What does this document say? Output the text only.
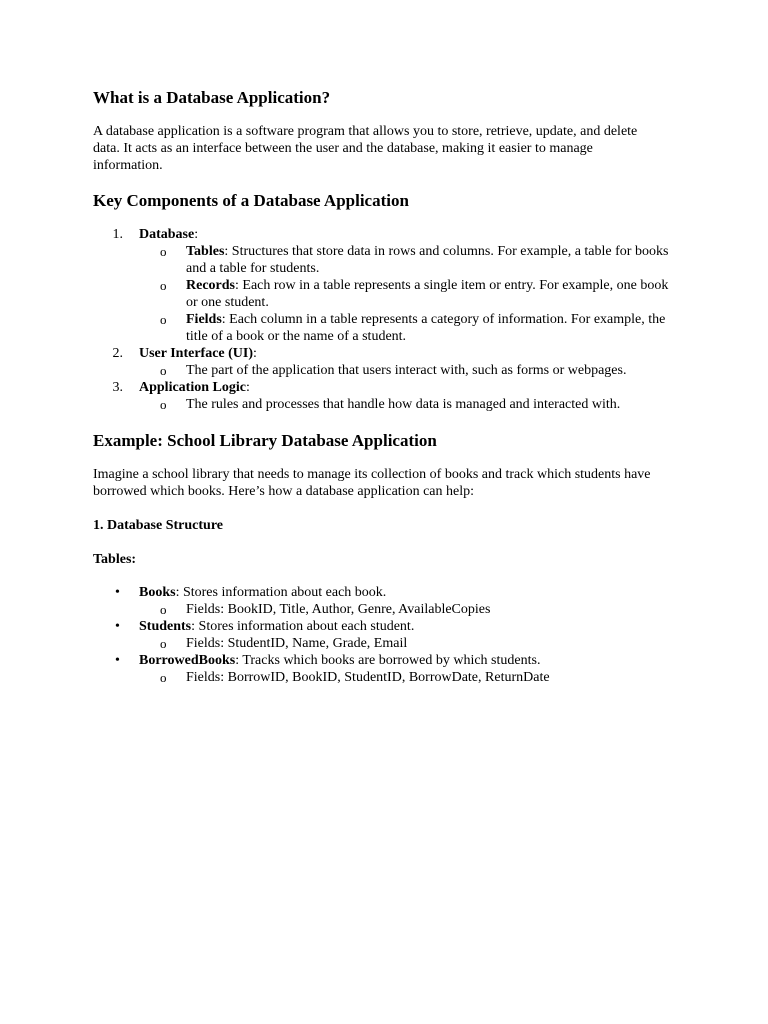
What is a Database Application?
A database application is a software program that allows you to store, retrieve, update, and delete data. It acts as an interface between the user and the database, making it easier to manage information.
Key Components of a Database Application
1. Database:
o Tables: Structures that store data in rows and columns. For example, a table for books and a table for students.
o Records: Each row in a table represents a single item or entry. For example, one book or one student.
o Fields: Each column in a table represents a category of information. For example, the title of a book or the name of a student.
2. User Interface (UI):
o The part of the application that users interact with, such as forms or webpages.
3. Application Logic:
o The rules and processes that handle how data is managed and interacted with.
Example: School Library Database Application
Imagine a school library that needs to manage its collection of books and track which students have borrowed which books. Here’s how a database application can help:
1. Database Structure
Tables:
• Books: Stores information about each book.
o Fields: BookID, Title, Author, Genre, AvailableCopies
• Students: Stores information about each student.
o Fields: StudentID, Name, Grade, Email
• BorrowedBooks: Tracks which books are borrowed by which students.
o Fields: BorrowID, BookID, StudentID, BorrowDate, ReturnDate
